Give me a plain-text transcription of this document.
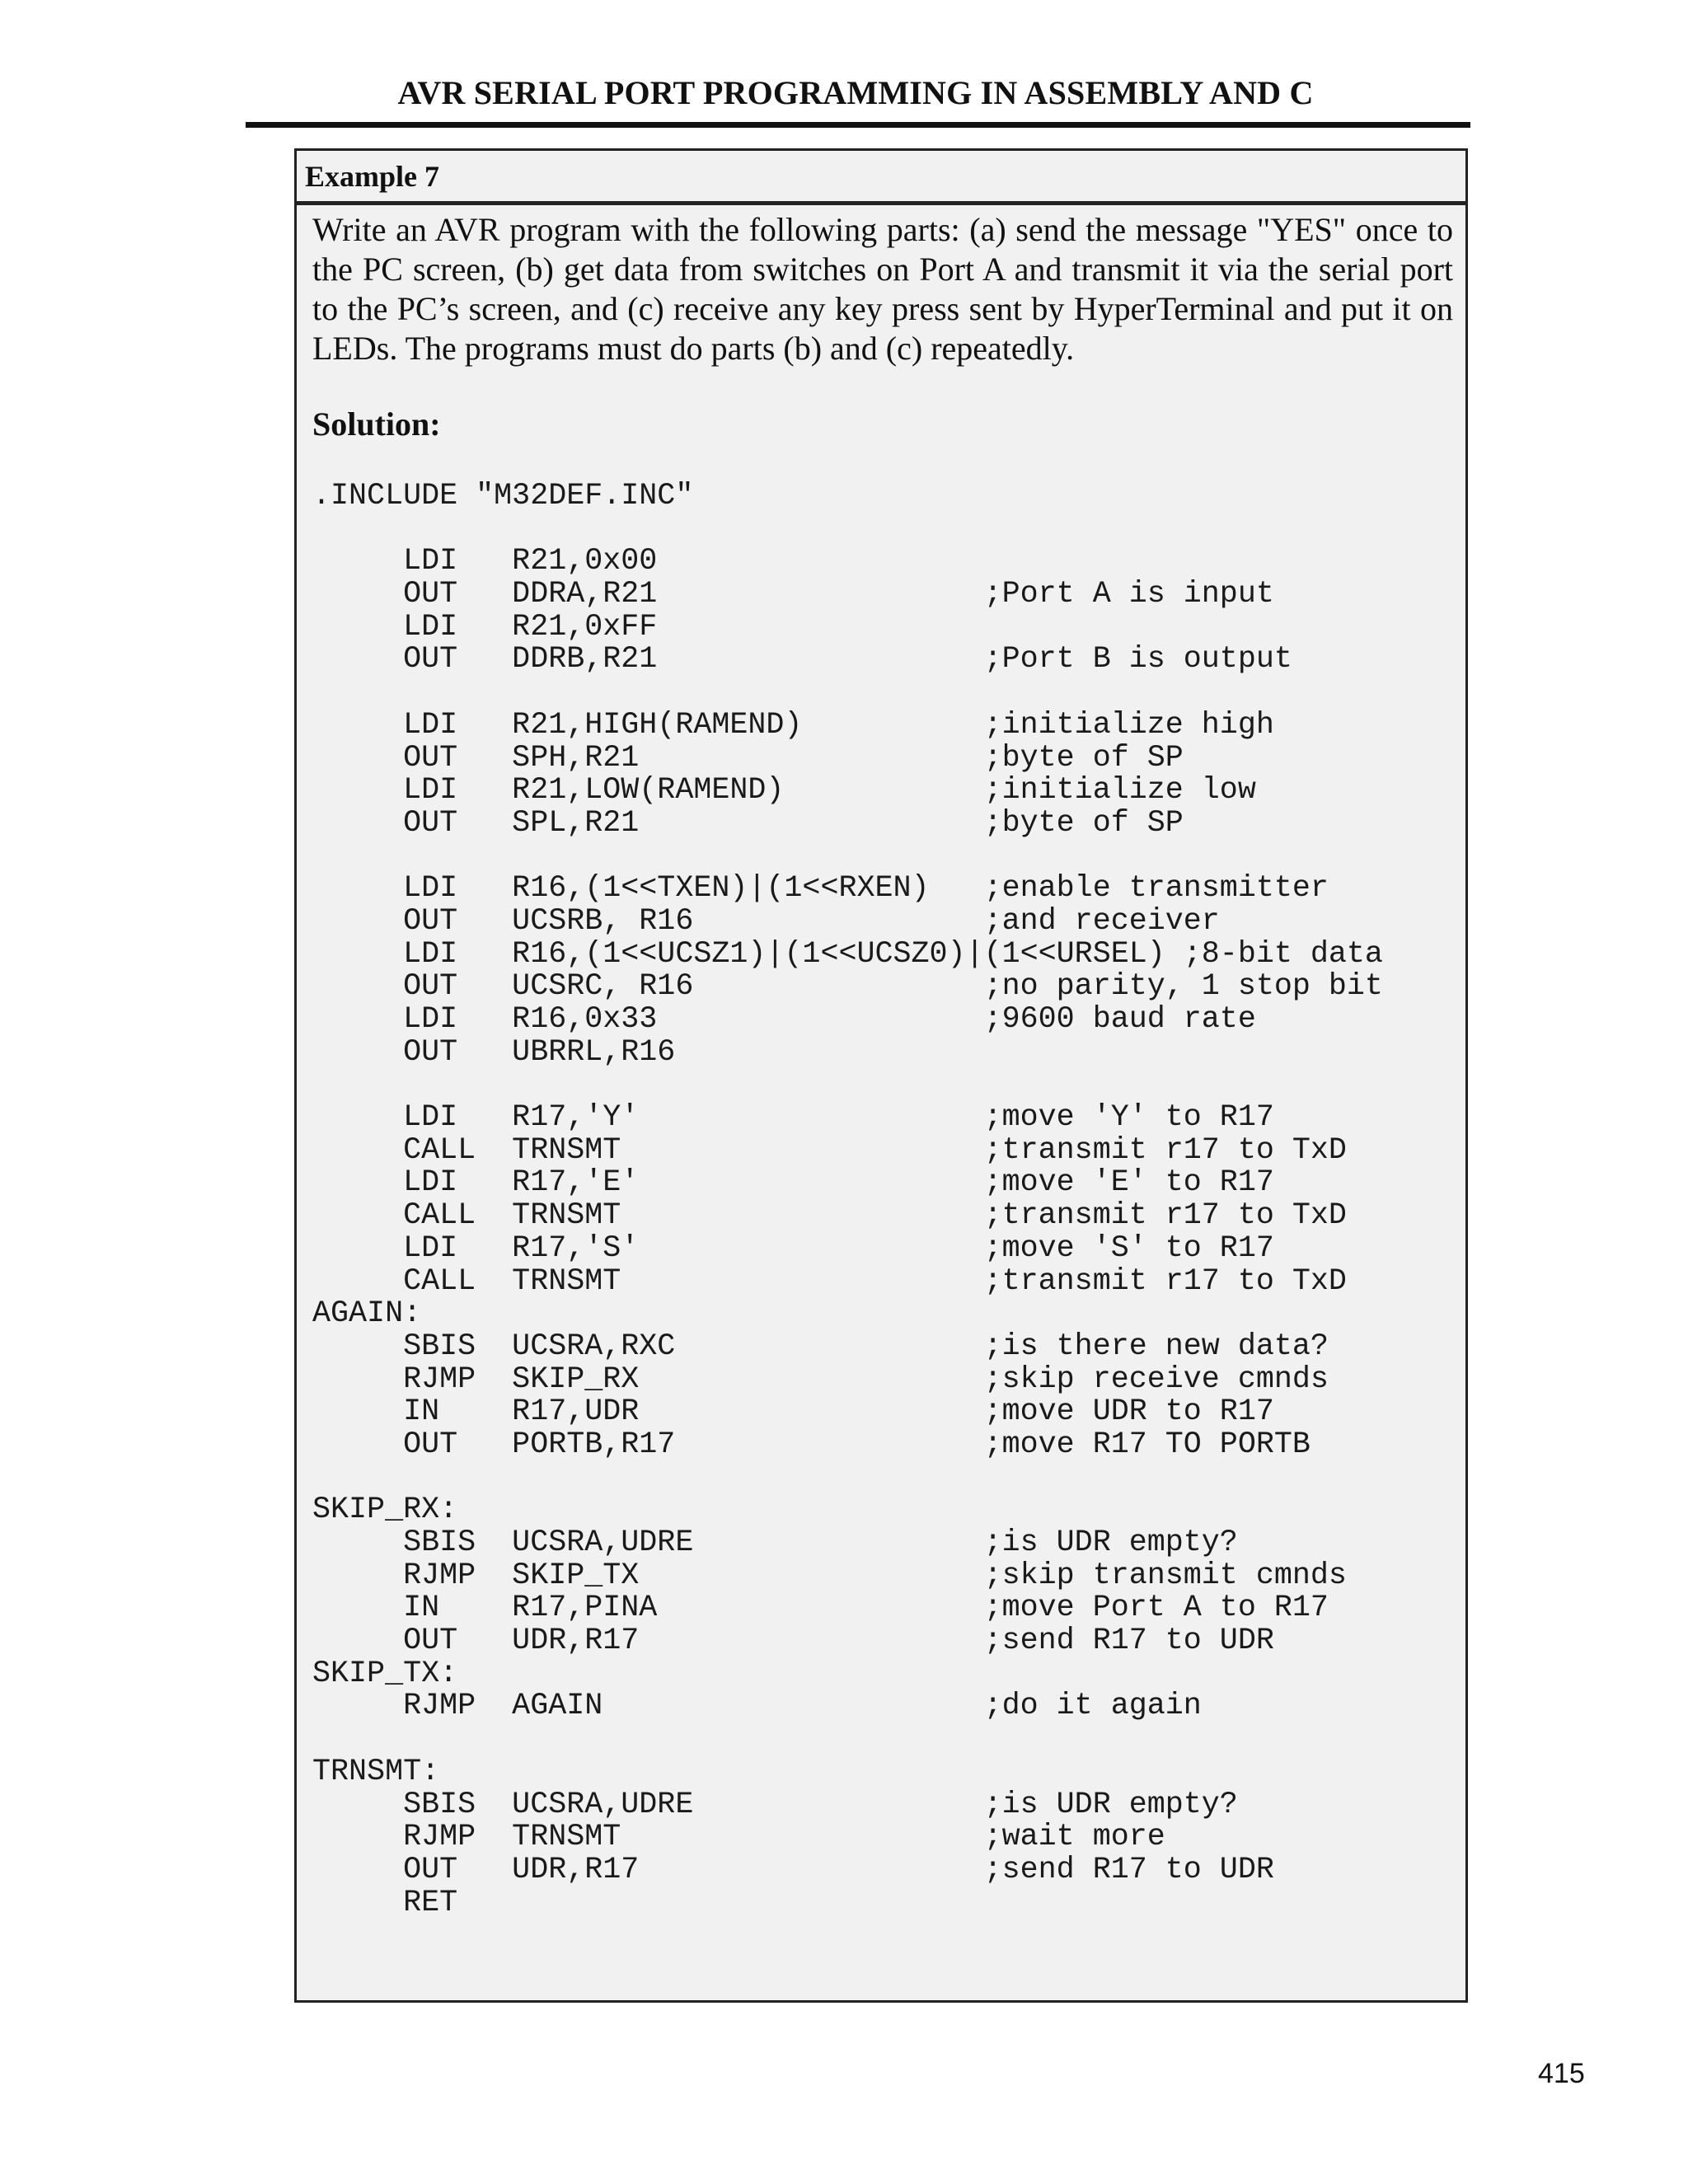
AVR SERIAL PORT PROGRAMMING IN ASSEMBLY AND C
Example 7
Write an AVR program with the following parts: (a) send the message "YES" once to the PC screen, (b) get data from switches on Port A and transmit it via the serial port to the PC’s screen, and (c) receive any key press sent by HyperTerminal and put it on LEDs. The programs must do parts (b) and (c) repeatedly.
Solution:
.INCLUDE "M32DEF.INC"
LDI   R21,0x00
OUT   DDRA,R21                  ;Port A is input
LDI   R21,0xFF
OUT   DDRB,R21                  ;Port B is output
LDI   R21,HIGH(RAMEND)          ;initialize high
OUT   SPH,R21                   ;byte of SP
LDI   R21,LOW(RAMEND)           ;initialize low
OUT   SPL,R21                   ;byte of SP
LDI   R16,(1<<TXEN)|(1<<RXEN)   ;enable transmitter
OUT   UCSRB, R16                ;and receiver
LDI   R16,(1<<UCSZ1)|(1<<UCSZ0)|(1<<URSEL) ;8-bit data
OUT   UCSRC, R16                ;no parity, 1 stop bit
LDI   R16,0x33                  ;9600 baud rate
OUT   UBRRL,R16
LDI   R17,'Y'                   ;move 'Y' to R17
CALL  TRNSMT                    ;transmit r17 to TxD
LDI   R17,'E'                   ;move 'E' to R17
CALL  TRNSMT                    ;transmit r17 to TxD
LDI   R17,'S'                   ;move 'S' to R17
CALL  TRNSMT                    ;transmit r17 to TxD
AGAIN:
SBIS  UCSRA,RXC                 ;is there new data?
RJMP  SKIP_RX                   ;skip receive cmnds
IN    R17,UDR                   ;move UDR to R17
OUT   PORTB,R17                 ;move R17 TO PORTB
SKIP_RX:
SBIS  UCSRA,UDRE                ;is UDR empty?
RJMP  SKIP_TX                   ;skip transmit cmnds
IN    R17,PINA                  ;move Port A to R17
OUT   UDR,R17                   ;send R17 to UDR
SKIP_TX:
RJMP  AGAIN                     ;do it again
TRNSMT:
SBIS  UCSRA,UDRE                ;is UDR empty?
RJMP  TRNSMT                    ;wait more
OUT   UDR,R17                   ;send R17 to UDR
RET
415
